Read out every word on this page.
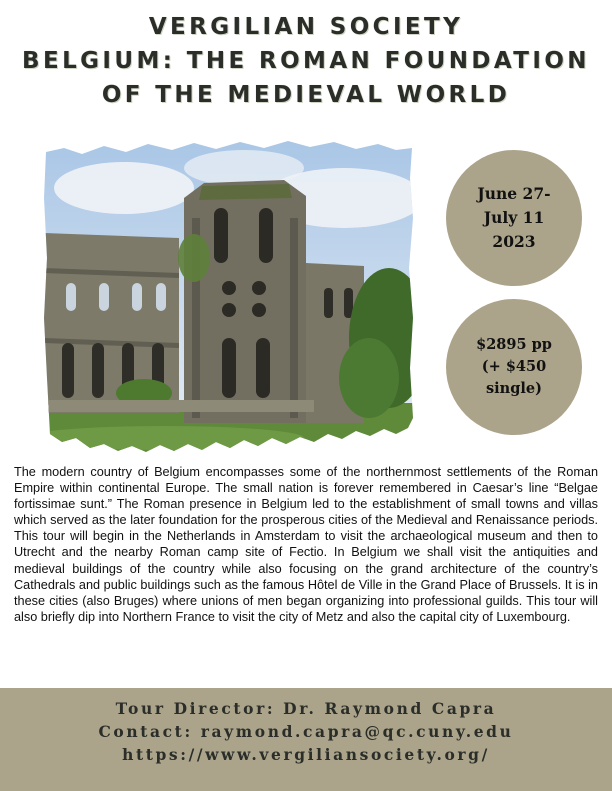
VERGILIAN SOCIETY
BELGIUM: THE ROMAN FOUNDATION
OF THE MEDIEVAL WORLD
June 27-
July 11
2023
$2895 pp
(+ $450
single)

The modern country of Belgium encompasses some of the northernmost settlements of the Roman Empire within continental Europe. The small nation is forever remembered in Caesar’s line “Belgae fortissimae sunt.” The Roman presence in Belgium led to the establishment of small towns and villas which served as the later foundation for the prosperous cities of the Medieval and Renaissance periods. This tour will begin in the Netherlands in Amsterdam to visit the archaeological museum and then to Utrecht and the nearby Roman camp site of Fectio. In Belgium we shall visit the antiquities and medieval buildings of the country while also focusing on the grand architecture of the country’s Cathedrals and public buildings such as the famous Hôtel de Ville in the Grand Place of Brussels. It is in these cities (also Bruges) where unions of men began organizing into professional guilds. This tour will also briefly dip into Northern France to visit the city of Metz and also the capital city of Luxembourg.

Tour Director: Dr. Raymond Capra
Contact: raymond.capra@qc.cuny.edu
https://www.vergiliansociety.org/
